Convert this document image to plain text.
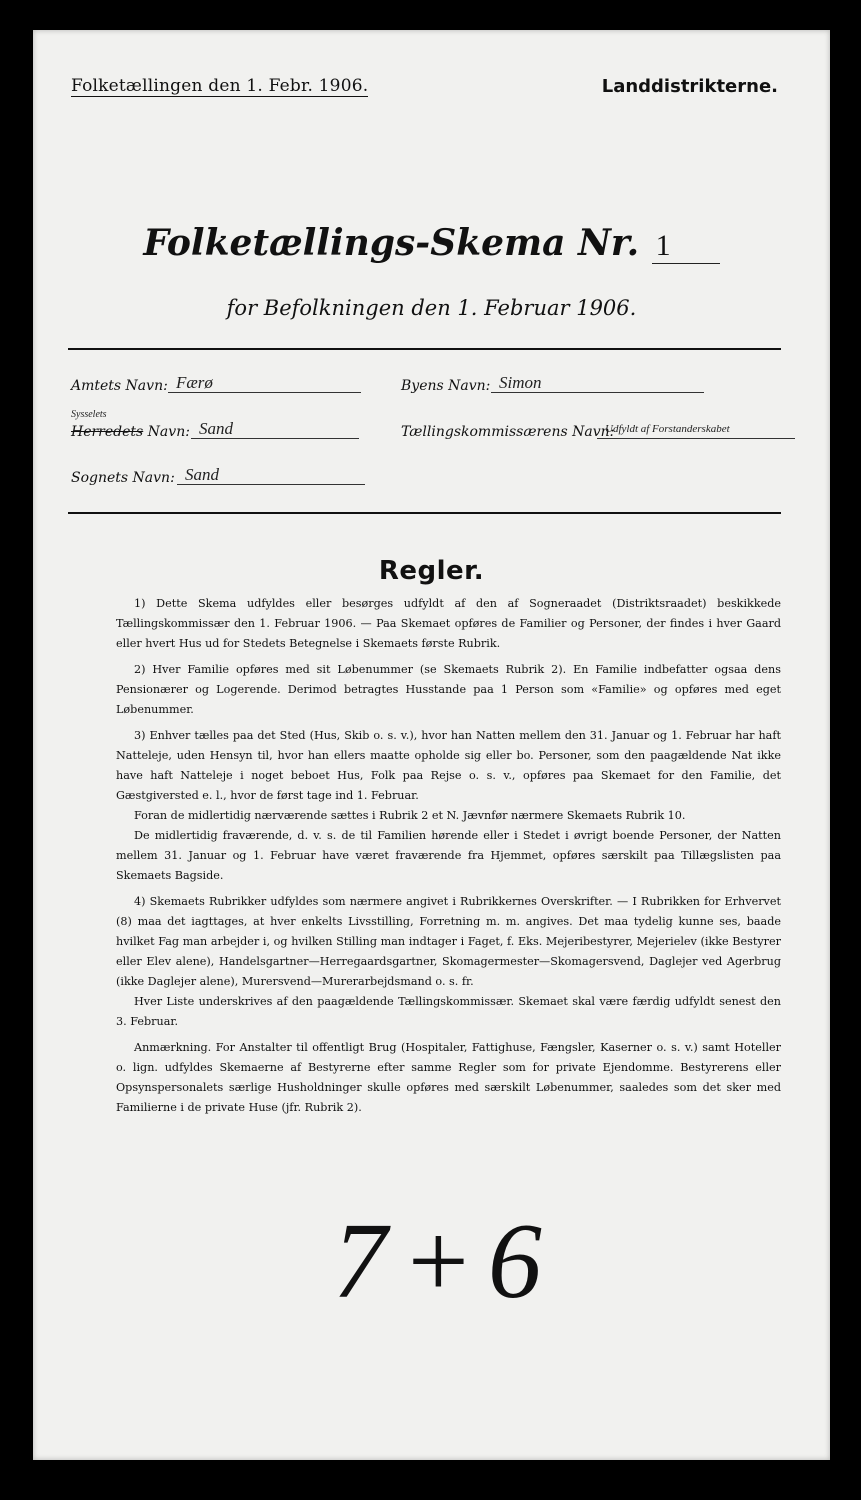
Folketællingen den 1. Febr. 1906.	Landdistrikterne.
Folketællings-Skema Nr. 1
for Befolkningen den 1. Februar 1906.
Amtets Navn: Færø	Byens Navn: Simon
Sysselets
Herredets Navn: Sand	Tællingskommissærens Navn:
Udfyldt af Forstanderskabet
Sognets Navn: Sand
Regler.

1) Dette Skema udfyldes eller besørges udfyldt af den af Sogneraadet (Distriktsraadet) beskikkede Tællingskommissær den 1. Februar 1906. — Paa Skemaet opføres de Familier og Personer, der findes i hver Gaard eller hvert Hus ud for Stedets Betegnelse i Skemaets første Rubrik.

2) Hver Familie opføres med sit Løbenummer (se Skemaets Rubrik 2). En Familie indbefatter ogsaa dens Pensionærer og Logerende. Derimod betragtes Husstande paa 1 Person som «Familie» og opføres med eget Løbenummer.

3) Enhver tælles paa det Sted (Hus, Skib o. s. v.), hvor han Natten mellem den 31. Januar og 1. Februar har haft Natteleje, uden Hensyn til, hvor han ellers maatte opholde sig eller bo. Personer, som den paagældende Nat ikke have haft Natteleje i noget beboet Hus, Folk paa Rejse o. s. v., opføres paa Skemaet for den Familie, det Gæstgiversted e. l., hvor de først tage ind 1. Februar.

Foran de midlertidig nærværende sættes i Rubrik 2 et N. Jævnfør nærmere Skemaets Rubrik 10.

De midlertidig fraværende, d. v. s. de til Familien hørende eller i Stedet i øvrigt boende Personer, der Natten mellem 31. Januar og 1. Februar have været fraværende fra Hjemmet, opføres særskilt paa Tillægslisten paa Skemaets Bagside.

4) Skemaets Rubrikker udfyldes som nærmere angivet i Rubrikkernes Overskrifter. — I Rubrikken for Erhvervet (8) maa det iagttages, at hver enkelts Livsstilling, Forretning m. m. angives. Det maa tydelig kunne ses, baade hvilket Fag man arbejder i, og hvilken Stilling man indtager i Faget, f. Eks. Mejeribestyrer, Mejerielev (ikke Bestyrer eller Elev alene), Handelsgartner—Herregaardsgartner, Skomagermester—Skomagersvend, Daglejer ved Agerbrug (ikke Daglejer alene), Murersvend—Murerarbejdsmand o. s. fr.

Hver Liste underskrives af den paagældende Tællingskommissær. Skemaet skal være færdig udfyldt senest den 3. Februar.

Anmærkning. For Anstalter til offentligt Brug (Hospitaler, Fattighuse, Fængsler, Kaserner o. s. v.) samt Hoteller o. lign. udfyldes Skemaerne af Bestyrerne efter samme Regler som for private Ejendomme. Bestyrerens eller Opsynspersonalets særlige Husholdninger skulle opføres med særskilt Løbenummer, saaledes som det sker med Familierne i de private Huse (jfr. Rubrik 2).

7+6
